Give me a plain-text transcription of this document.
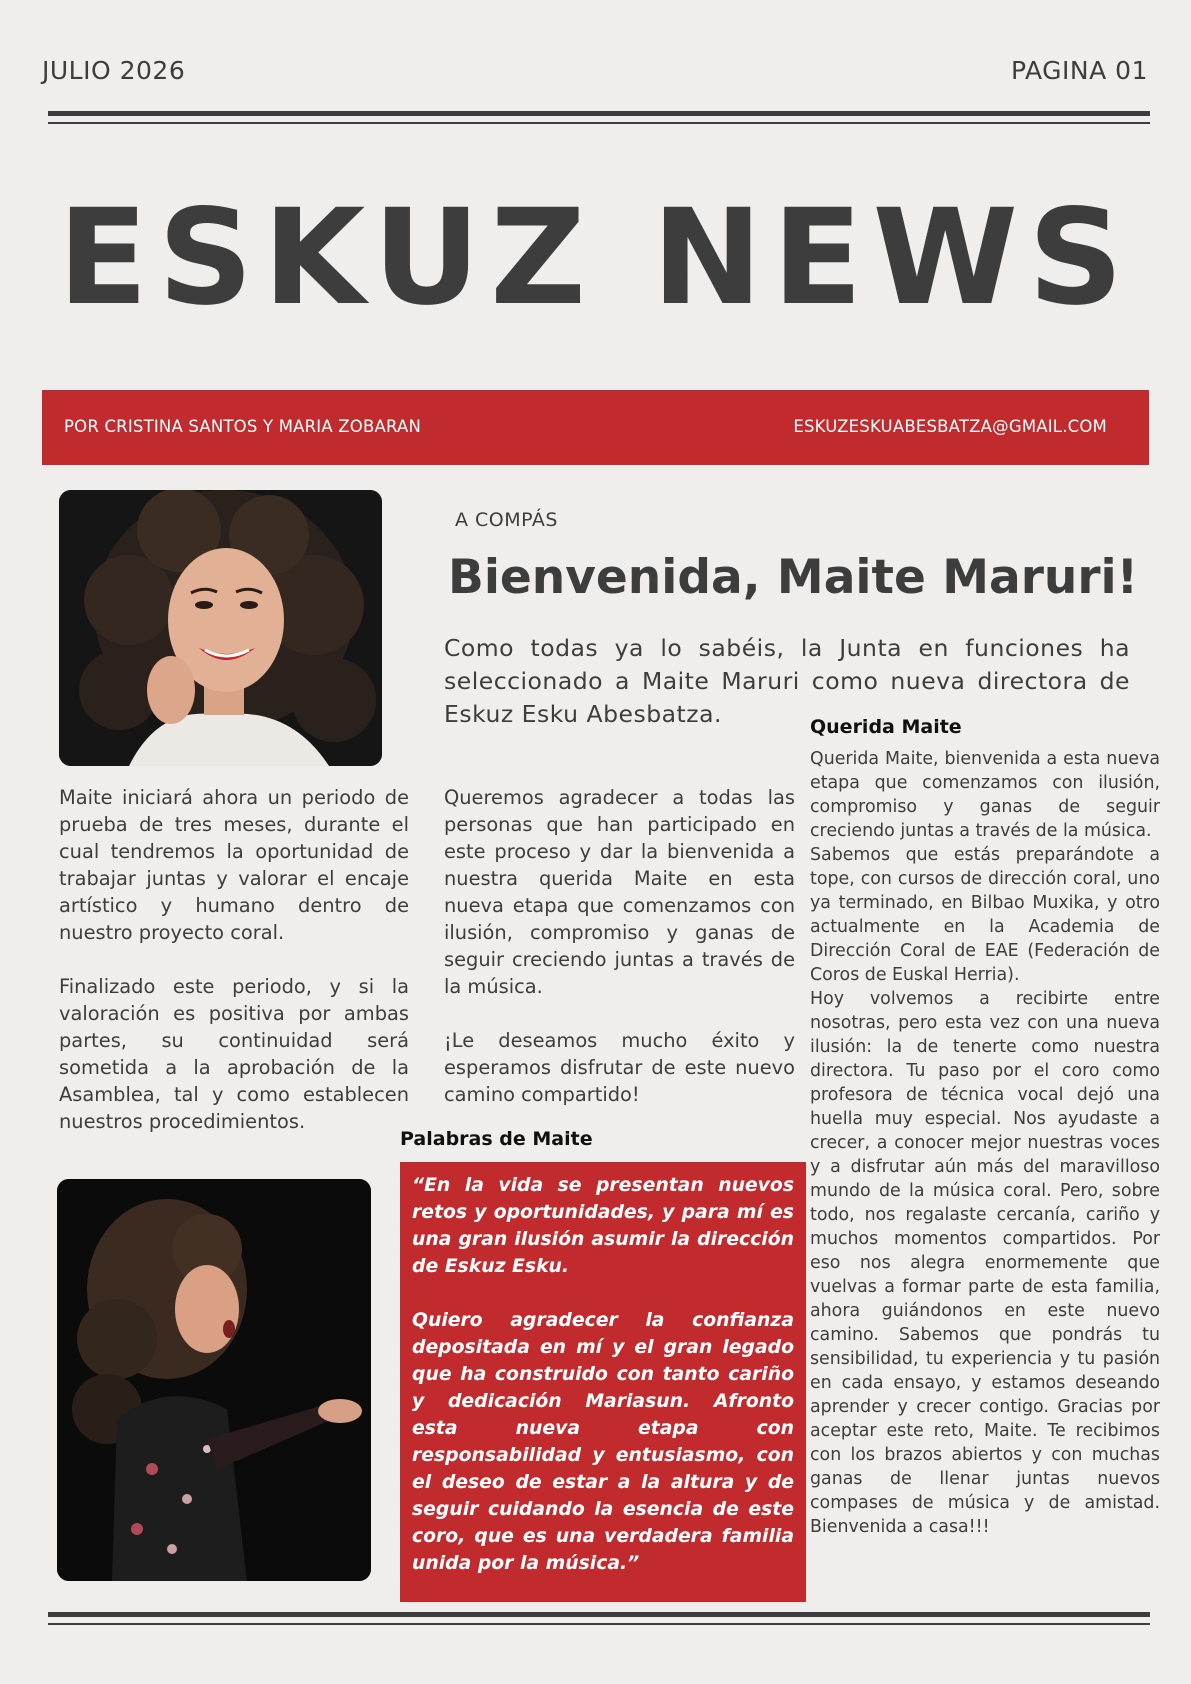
JULIO 2026	PAGINA 01
ESKUZ NEWS
POR CRISTINA SANTOS Y MARIA ZOBARAN	ESKUZESKUABESBATZA@GMAIL.COM
A COMPÁS
Bienvenida, Maite Maruri!
Como todas ya lo sabéis, la Junta en funciones ha seleccionado a Maite Maruri como nueva directora de Eskuz Esku Abesbatza.

Maite iniciará ahora un periodo de prueba de tres meses, durante el cual tendremos la oportunidad de trabajar juntas y valorar el encaje artístico y humano dentro de nuestro proyecto coral.

Finalizado este periodo, y si la valoración es positiva por ambas partes, su continuidad será sometida a la aprobación de la Asamblea, tal y como establecen nuestros procedimientos.

Queremos agradecer a todas las personas que han participado en este proceso y dar la bienvenida a nuestra querida Maite en esta nueva etapa que comenzamos con ilusión, compromiso y ganas de seguir creciendo juntas a través de la música.

¡Le deseamos mucho éxito y esperamos disfrutar de este nuevo camino compartido!

Querida Maite

Querida Maite, bienvenida a esta nueva etapa que comenzamos con ilusión, compromiso y ganas de seguir creciendo juntas a través de la música.

Sabemos que estás preparándote a tope, con cursos de dirección coral, uno ya terminado, en Bilbao Muxika, y otro actualmente en la Academia de Dirección Coral de EAE (Federación de Coros de Euskal Herria).

Hoy volvemos a recibirte entre nosotras, pero esta vez con una nueva ilusión: la de tenerte como nuestra directora. Tu paso por el coro como profesora de técnica vocal dejó una huella muy especial. Nos ayudaste a crecer, a conocer mejor nuestras voces y a disfrutar aún más del maravilloso mundo de la música coral. Pero, sobre todo, nos regalaste cercanía, cariño y muchos momentos compartidos. Por eso nos alegra enormemente que vuelvas a formar parte de esta familia, ahora guiándonos en este nuevo camino. Sabemos que pondrás tu sensibilidad, tu experiencia y tu pasión en cada ensayo, y estamos deseando aprender y crecer contigo. Gracias por aceptar este reto, Maite. Te recibimos con los brazos abiertos y con muchas ganas de llenar juntas nuevos compases de música y de amistad. Bienvenida a casa!!!

Palabras de Maite

“En la vida se presentan nuevos retos y oportunidades, y para mí es una gran ilusión asumir la dirección de Eskuz Esku.

Quiero agradecer la confianza depositada en mí y el gran legado que ha construido con tanto cariño y dedicación Mariasun. Afronto esta nueva etapa con responsabilidad y entusiasmo, con el deseo de estar a la altura y de seguir cuidando la esencia de este coro, que es una verdadera familia unida por la música.”
